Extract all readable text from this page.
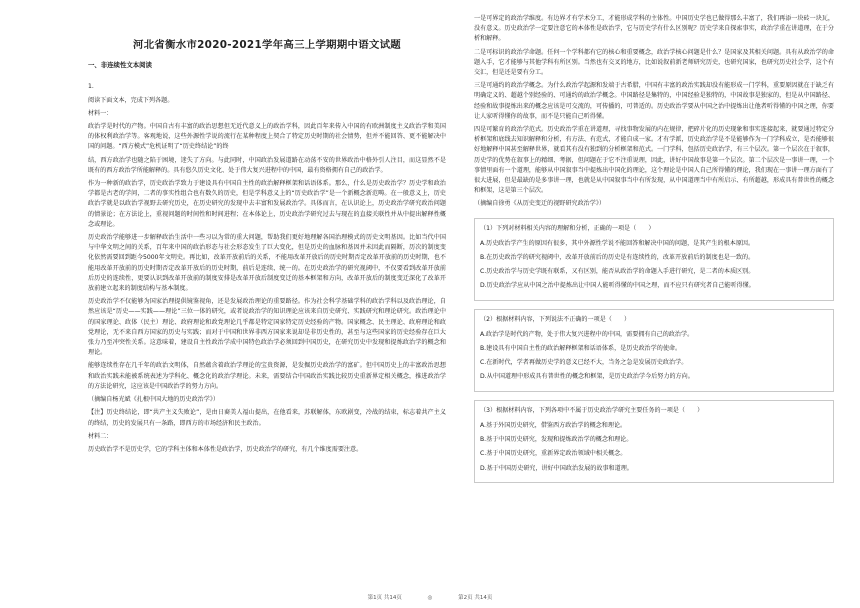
河北省衡水市2020-2021学年高三上学期期中语文试题
一、非连续性文本阅读
1.
阅读下面文本，完成下列各题。
材料一：
政治学是时代的产物。中国自古有丰富的政治思想但无近代意义上的政治学科，因此百年来传入中国的有欧洲制度主义政治学和美国的体权利政治学等。客观地说，这些外源性学说的流行在某种程度上契合了特定历史时期的社会情势，但并不能回答、更不能解决中国的问题。“西方模式”危机证明了“历史终结论”的终
结，西方政治学也随之陷于困境，迷失了方向。与此同时，中国政治发展道路在动荡不安的世界政治中格外引人注目，而这显然不是既有的西方政治学所能解释的。具有悠久历史文化、处于伟大复兴进程中的中国，最有资格拥有自己的政治学。
作为一种新的政治学，历史政治学致力于建设具有中国自主性的政治解释框架和话语体系。那么，什么是历史政治学？历史学和政治学都是古老的学问，二者的事实性组合也有数久的历史，但是学科意义上的“历史政治学”是一个新概念新范畴。在一般意义上，历史政治学就是以政治学视野去研究历史，在历史研究的发现中去丰富和发展政治学。具体而言，在认识论上，历史政治学研究政治问题的情景论；在方法论上，重视问题的时间性和时间进程；在本体论上，历史政治学研究过去与现在的直接关联性并从中提出解释性概念或理论。
历史政治学能够进一步解释政治生活中一些习以为常的重大问题，帮助我们更好地理解各国治理模式的历史文明基因。比如当代中国与中华文明之间的关系，百年来中国的政治形态与社会形态发生了巨大变化，但是历史的血脉和基因并未因此而隔断，历次的制度变化依然需要回到距今5000年文明史。再比如，改革开放前后的关系，不能用改革开放后的历史时期否定改革开放前的历史时期，也不能用改革开放前的历史时期否定改革开放后的历史时期，前后是连续、统一的。在历史政治学的研究视阈中，不仅要看到改革开放前后历史的连续性，更要认识到改革开放前的制度安排是改革开放后制度变迁的基本框架和方向，改革开放后的制度变迁深化了改革开放前建立起来的制度结构与基本制度。
历史政治学不仅能够为国家治理提供镜鉴视角，还是发展政治理论的重要路径。作为社会科学基础学科的政治学科以及政治理论，自然应该是“历史——实践——理论”三位一体的研究，或者说政治学的知识理论应该来自历史研究、实践研究和理论研究。政治理论中的国家理论、政体（民主）理论、政府理论和政党理论几乎都是特定国家特定历史经验的产物。国家概念、民主理论、政府理论和政党理论，无不来自西方国家的历史与实践；而对于中国和世界非西方国家来说却是非历史性的，甚至与这些国家的历史经验存在巨大张力乃至冲突性关系。这意味着，建设自主性政治学成中国特色政治学必须回到中国历史，在研究历史中发现和提炼政治学的概念和理论。
能够连续性存在几千年的政治文明体，自然蕴含着政治学理论的宝贵资源，是发掘历史政治学的富矿。但中国历史上的丰富政治思想和政治实践未能被系统表述为学科化、概念化的政治学理论。未来，需要结合中国政治实践比较历史重新界定相关概念，推进政治学的方法论研究，这应该是中国政治学的努力方向。
（摘编自杨光斌《扎根中国大地的历史政治学》）
【注】历史终结论，即“共产主义失败论”，是由日裔美人福山提出，在他看来，苏联解体，东欧剧变，冷战的结束，标志着共产主义的终结，历史的发展只有一条路，即西方的市场经济和民主政治。
材料二：
历史政治学不是历史学，它的学科主体和本体性是政治学，历史政治学的研究，有几个维度需要注意。
一是可界定的政治学维度。有边界才有学术分工，才能形成学科的主体性。中国历史学也已做得那么丰富了，我们再添一块砖一块瓦，没有意义。历史政治学一定要注意它的本体性是政治学，它与历史学有什么区别呢？历史学来自探索事实，政治学重在讲道理，在于分析和解释。
二是可标识的政治学命题。任何一个学科都有它的核心和重要概念，政治学核心问题是什么？是国家及其相关问题。具有从政治学的命题入手，它才能够与其他学科有所区别。当然也有交叉的地方，比如说叙前新老师研究历史，也研究国家，也研究历史社会学，这个有交汇，但是还是要有分工。
三是可通约的政治学概念。为什么政治学起源和发端于古希腊，中国有丰富的政治实践却没有能形成一门学科，重要原因就在于缺乏有明确定义的、超越个别经验的、可通约的政治学概念。中国路径是集特的，中国经验是独特的，中国故事是独家的，但是从中国路径、经验和故事提炼出来的概念应该是可交流的，可传播的，可普适的。历史政治学要从中国之治中提炼出让他者听得懂的中国之理，你要让人家听得懂你的故事，而不是只能自己听得懂。
四是可繁育的政治学范式。历史政治学重在讲道理，寻找事物发展的内在规律，把碎片化的历史现象和事实连接起来，就要通过特定分析框架和底线去知识解释和分析，有方法、有范式，才能自成一家。才有学派，历史政治学是不是能够作为一门学科成立，是否能够很好地解释中国甚至解释世界，就看其有没有独到的分析框架和范式。一门学科，包括历史政治学，有三个层次。第一个层次在于叙事，历史学的优势在叙事上的精细、考据，但问题在于它不注重说理，因此，讲好中国故事是第一个层次。第二个层次是一事讲一理，一个事情里面有一个道理，能够从中国叙事当中提炼出中国化的理论，这个理论是中国人自己所得懂的理论，我们现在一事讲一理方面有了很大进展，但是最缺的是多事讲一理，也就是从中国叙事当中有所发现，从中国道理当中有所启示、有所超越，形成具有普世性的概念和框架，这是第三个层次。
（摘编自徐勇《从历史变迁的视野研究政治学》）
（1）下列对材料相关内容的理解和分析，正确的一项是（　　）
A.历史政治学产生的原因有很多，其中外源性学说不能回答和解决中国的问题，是其产生的根本原因。
B.在历史政治学的研究视阈中，改革开放前后的历史是有连续性的，改革开放前后的制度也是一致的。
C.历史政治学与历史学既有联系，又有区别，能否从政治学的命题入手进行研究，是二者的本质区别。
D.历史政治学应从中国之治中提炼出让中国人能听得懂的中国之理，而不应只有研究者自己能听得懂。
（2）根据材料内容，下列说法不正确的一项是（　　）
A.政治学是时代的产物，处于伟大复兴进程中的中国，需要拥有自己的政治学。
B.建设具有中国自主性的政治解释框架和话语体系，是历史政治学的使命。
C.在新时代，学者再做历史学的意义已经不大，当务之急是发展历史政治学。
D.从中国道理中形成具有普世性的概念和框架，是历史政治学今后努力的方向。
（3）根据材料内容，下列各项中不属于历史政治学研究主要任务的一项是（　　）
A.基于外国历史研究，借鉴西方政治学的概念和理论。
B.基于中国历史研究，发现和提炼政治学的概念和理论。
C.基于中国历史研究，重新界定政治领域中相关概念。
D.基于中国历史研究，讲好中国政治发展的故事和道理。
第1页 共14页	◎	第2页 共14页
